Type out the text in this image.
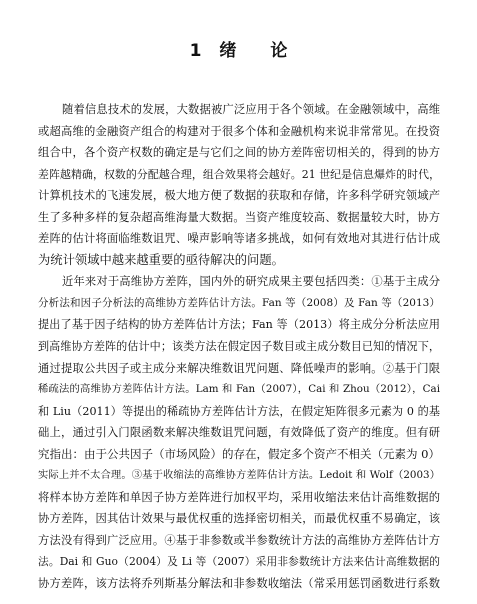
1 绪 论

随着信息技术的发展，大数据被广泛应用于各个领域。在金融领域中，高维
或超高维的金融资产组合的构建对于很多个体和金融机构来说非常常见。在投资
组合中，各个资产权数的确定是与它们之间的协方差阵密切相关的，得到的协方
差阵越精确，权数的分配越合理，组合效果将会越好。21 世纪是信息爆炸的时代，
计算机技术的飞速发展，极大地方便了数据的获取和存储，许多科学研究领域产
生了多种多样的复杂超高维海量大数据。当资产维度较高、数据量较大时，协方
差阵的估计将面临维数诅咒、噪声影响等诸多挑战，如何有效地对其进行估计成
为统计领域中越来越重要的亟待解决的问题。

近年来对于高维协方差阵，国内外的研究成果主要包括四类：①基于主成分
分析法和因子分析法的高维协方差阵估计方法。Fan 等（2008）及 Fan 等（2013）
提出了基于因子结构的协方差阵估计方法；Fan 等（2013）将主成分分析法应用
到高维协方差阵的估计中；该类方法在假定因子数目或主成分数目已知的情况下，
通过提取公共因子或主成分来解决维数诅咒问题、降低噪声的影响。②基于门限
稀疏法的高维协方差阵估计方法。Lam 和 Fan（2007），Cai 和 Zhou（2012），Cai
和 Liu（2011）等提出的稀疏协方差阵估计方法，在假定矩阵很多元素为 0 的基
础上，通过引入门限函数来解决维数诅咒问题，有效降低了资产的维度。但有研
究指出：由于公共因子（市场风险）的存在，假定多个资产不相关（元素为 0）
实际上并不太合理。③基于收缩法的高维协方差阵估计方法。Ledoit 和 Wolf（2003）
将样本协方差阵和单因子协方差阵进行加权平均，采用收缩法来估计高维数据的
协方差阵，因其估计效果与最优权重的选择密切相关，而最优权重不易确定，该
方法没有得到广泛应用。④基于非参数或半参数统计方法的高维协方差阵估计方
法。Dai 和 Guo（2004）及 Li 等（2007）采用非参数统计方法来估计高维数据的
协方差阵，该方法将乔列斯基分解法和非参数收缩法（常采用惩罚函数进行系数
